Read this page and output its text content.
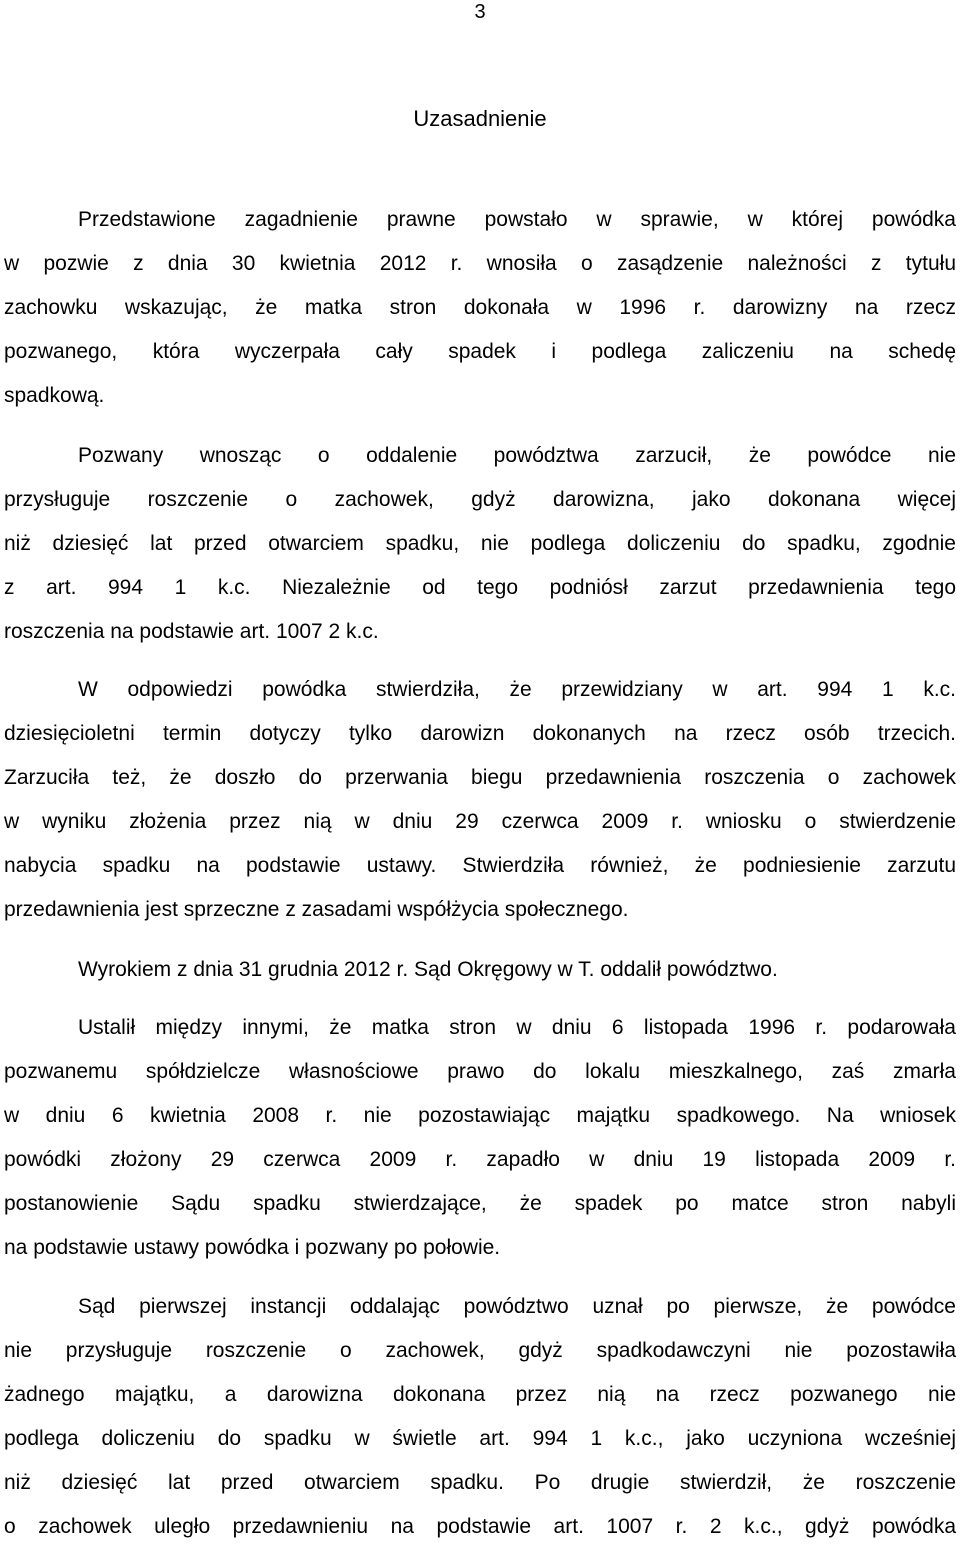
3
Uzasadnienie

Przedstawione zagadnienie prawne powstało w sprawie, w której powódka
w pozwie z dnia 30 kwietnia 2012 r. wnosiła o zasądzenie należności z tytułu
zachowku wskazując, że matka stron dokonała w 1996 r. darowizny na rzecz
pozwanego, która wyczerpała cały spadek i podlega zaliczeniu na schedę
spadkową.

Pozwany wnosząc o oddalenie powództwa zarzucił, że powódce nie
przysługuje roszczenie o zachowek, gdyż darowizna, jako dokonana więcej
niż dziesięć lat przed otwarciem spadku, nie podlega doliczeniu do spadku, zgodnie
z art. 994 1 k.c. Niezależnie od tego podniósł zarzut przedawnienia tego
roszczenia na podstawie art. 1007 2 k.c.

W odpowiedzi powódka stwierdziła, że przewidziany w art. 994 1 k.c.
dziesięcioletni termin dotyczy tylko darowizn dokonanych na rzecz osób trzecich.
Zarzuciła też, że doszło do przerwania biegu przedawnienia roszczenia o zachowek
w wyniku złożenia przez nią w dniu 29 czerwca 2009 r. wniosku o stwierdzenie
nabycia spadku na podstawie ustawy. Stwierdziła również, że podniesienie zarzutu
przedawnienia jest sprzeczne z zasadami współżycia społecznego.

Wyrokiem z dnia 31 grudnia 2012 r. Sąd Okręgowy w T. oddalił powództwo.

Ustalił między innymi, że matka stron w dniu 6 listopada 1996 r. podarowała
pozwanemu spółdzielcze własnościowe prawo do lokalu mieszkalnego, zaś zmarła
w dniu 6 kwietnia 2008 r. nie pozostawiając majątku spadkowego. Na wniosek
powódki złożony 29 czerwca 2009 r. zapadło w dniu 19 listopada 2009 r.
postanowienie Sądu spadku stwierdzające, że spadek po matce stron nabyli
na podstawie ustawy powódka i pozwany po połowie.

Sąd pierwszej instancji oddalając powództwo uznał po pierwsze, że powódce
nie przysługuje roszczenie o zachowek, gdyż spadkodawczyni nie pozostawiła
żadnego majątku, a darowizna dokonana przez nią na rzecz pozwanego nie
podlega doliczeniu do spadku w świetle art. 994 1 k.c., jako uczyniona wcześniej
niż dziesięć lat przed otwarciem spadku. Po drugie stwierdził, że roszczenie
o zachowek uległo przedawnieniu na podstawie art. 1007 r. 2 k.c., gdyż powódka
